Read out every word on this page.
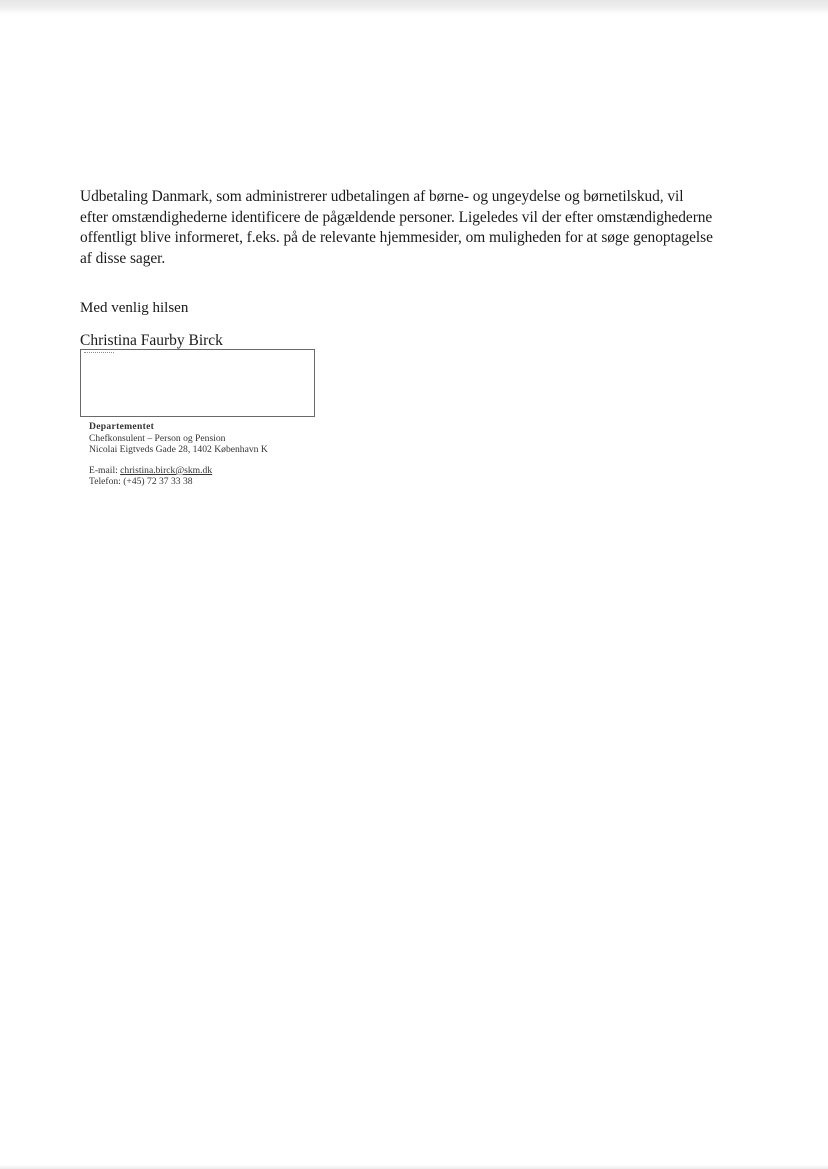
Udbetaling Danmark, som administrerer udbetalingen af børne- og ungeydelse og børnetilskud, vil
efter omstændighederne identificere de pågældende personer. Ligeledes vil der efter omstændighederne
offentligt blive informeret, f.eks. på de relevante hjemmesider, om muligheden for at søge genoptagelse
af disse sager.

Med venlig hilsen

Christina Faurby Birck

Departementet
Chefkonsulent – Person og Pension
Nicolai Eigtveds Gade 28, 1402 København K
E-mail: christina.birck@skm.dk
Telefon: (+45) 72 37 33 38
